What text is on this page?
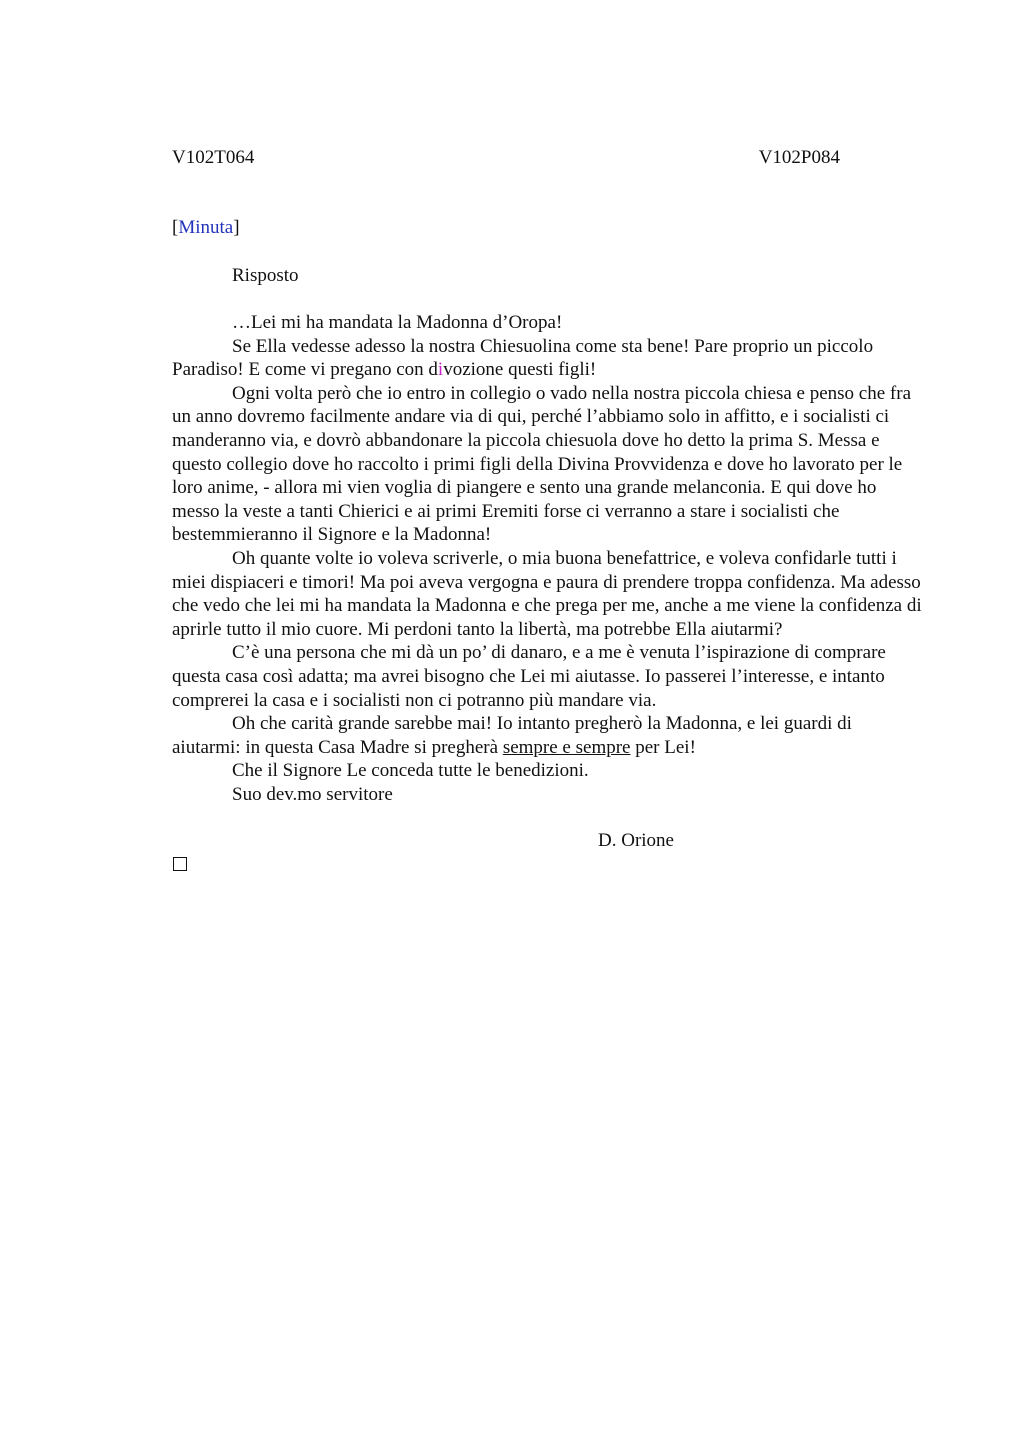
V102T064	V102P084
[Minuta]
Risposto

…Lei mi ha mandata la Madonna d’Oropa!

Se Ella vedesse adesso la nostra Chiesuolina come sta bene! Pare proprio un piccolo Paradiso! E come vi pregano con divozione questi figli!

Ogni volta però che io entro in collegio o vado nella nostra piccola chiesa e penso che fra un anno dovremo facilmente andare via di qui, perché l’abbiamo solo in affitto, e i socialisti ci manderanno via, e dovrò abbandonare la piccola chiesuola dove ho detto la prima S. Messa e questo collegio dove ho raccolto i primi figli della Divina Provvidenza e dove ho lavorato per le loro anime, - allora mi vien voglia di piangere e sento una grande melanconia. E qui dove ho messo la veste a tanti Chierici e ai primi Eremiti forse ci verranno a stare i socialisti che bestemmieranno il Signore e la Madonna!

Oh quante volte io voleva scriverle, o mia buona benefattrice, e voleva confidarle tutti i miei dispiaceri e timori! Ma poi aveva vergogna e paura di prendere troppa confidenza. Ma adesso che vedo che lei mi ha mandata la Madonna e che prega per me, anche a me viene la confidenza di aprirle tutto il mio cuore. Mi perdoni tanto la libertà, ma potrebbe Ella aiutarmi?

C’è una persona che mi dà un po’ di danaro, e a me è venuta l’ispirazione di comprare questa casa così adatta; ma avrei bisogno che Lei mi aiutasse. Io passerei l’interesse, e intanto comprerei la casa e i socialisti non ci potranno più mandare via.

Oh che carità grande sarebbe mai! Io intanto pregherò la Madonna, e lei guardi di aiutarmi: in questa Casa Madre si pregherà sempre e sempre per Lei!

Che il Signore Le conceda tutte le benedizioni.

Suo dev.mo servitore

D. Orione
